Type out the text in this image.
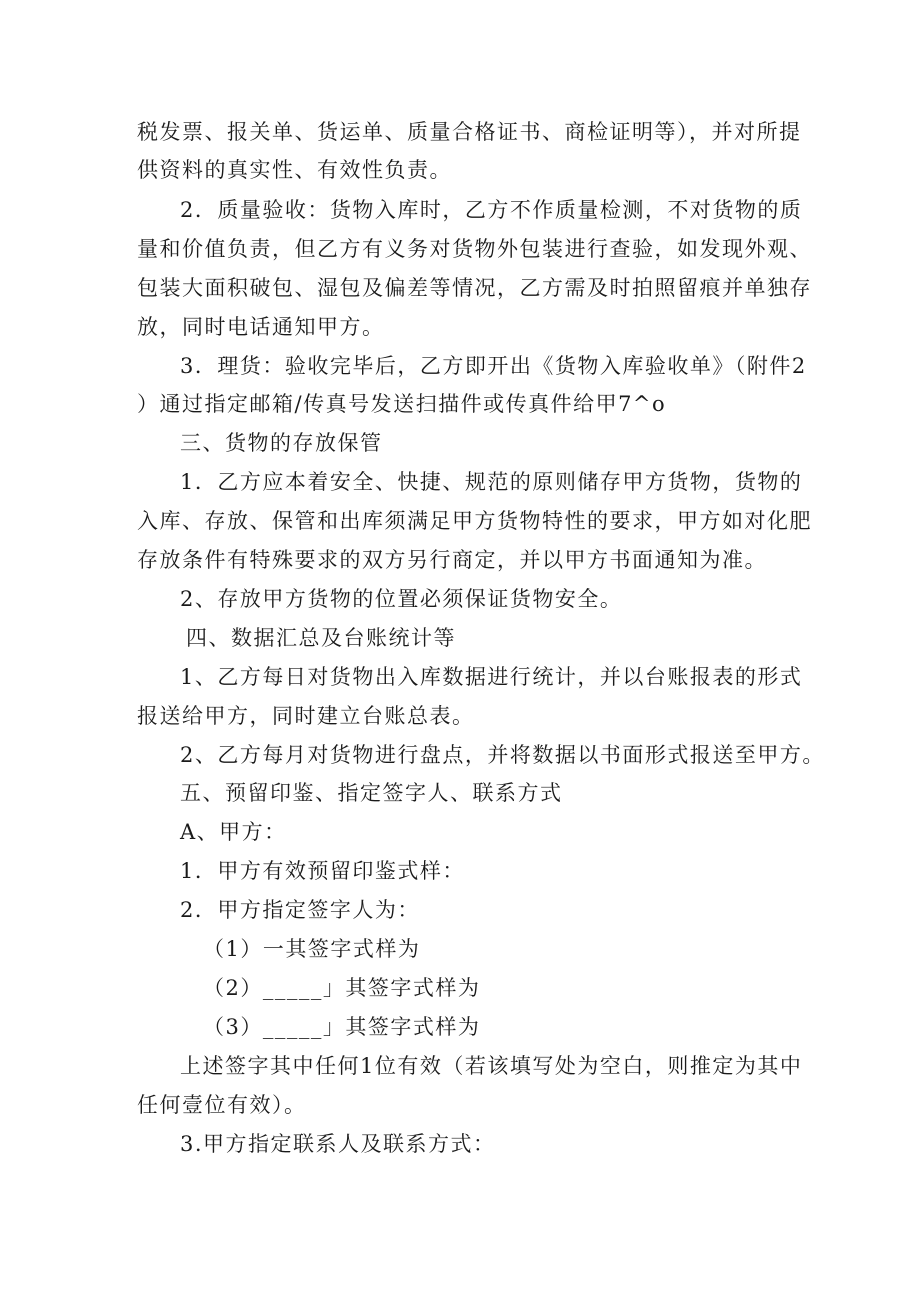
税发票、报关单、货运单、质量合格证书、商检证明等），并对所提
供资料的真实性、有效性负责。
2．质量验收：货物入库时，乙方不作质量检测，不对货物的质
量和价值负责，但乙方有义务对货物外包装进行查验，如发现外观、
包装大面积破包、湿包及偏差等情况，乙方需及时拍照留痕并单独存
放，同时电话通知甲方。
3．理货：验收完毕后，乙方即开出《货物入库验收单》（附件2
）通过指定邮箱/传真号发送扫描件或传真件给甲7^o
三、货物的存放保管
1．乙方应本着安全、快捷、规范的原则储存甲方货物，货物的
入库、存放、保管和出库须满足甲方货物特性的要求，甲方如对化肥
存放条件有特殊要求的双方另行商定，并以甲方书面通知为准。
2、存放甲方货物的位置必须保证货物安全。
四、数据汇总及台账统计等
1、乙方每日对货物出入库数据进行统计，并以台账报表的形式
报送给甲方，同时建立台账总表。
2、乙方每月对货物进行盘点，并将数据以书面形式报送至甲方。
五、预留印鉴、指定签字人、联系方式
A、甲方：
1．甲方有效预留印鉴式样：
2．甲方指定签字人为：
（1）一其签字式样为
（2）_____」其签字式样为
（3）_____」其签字式样为
上述签字其中任何1位有效（若该填写处为空白，则推定为其中
任何壹位有效）。
3.甲方指定联系人及联系方式：
